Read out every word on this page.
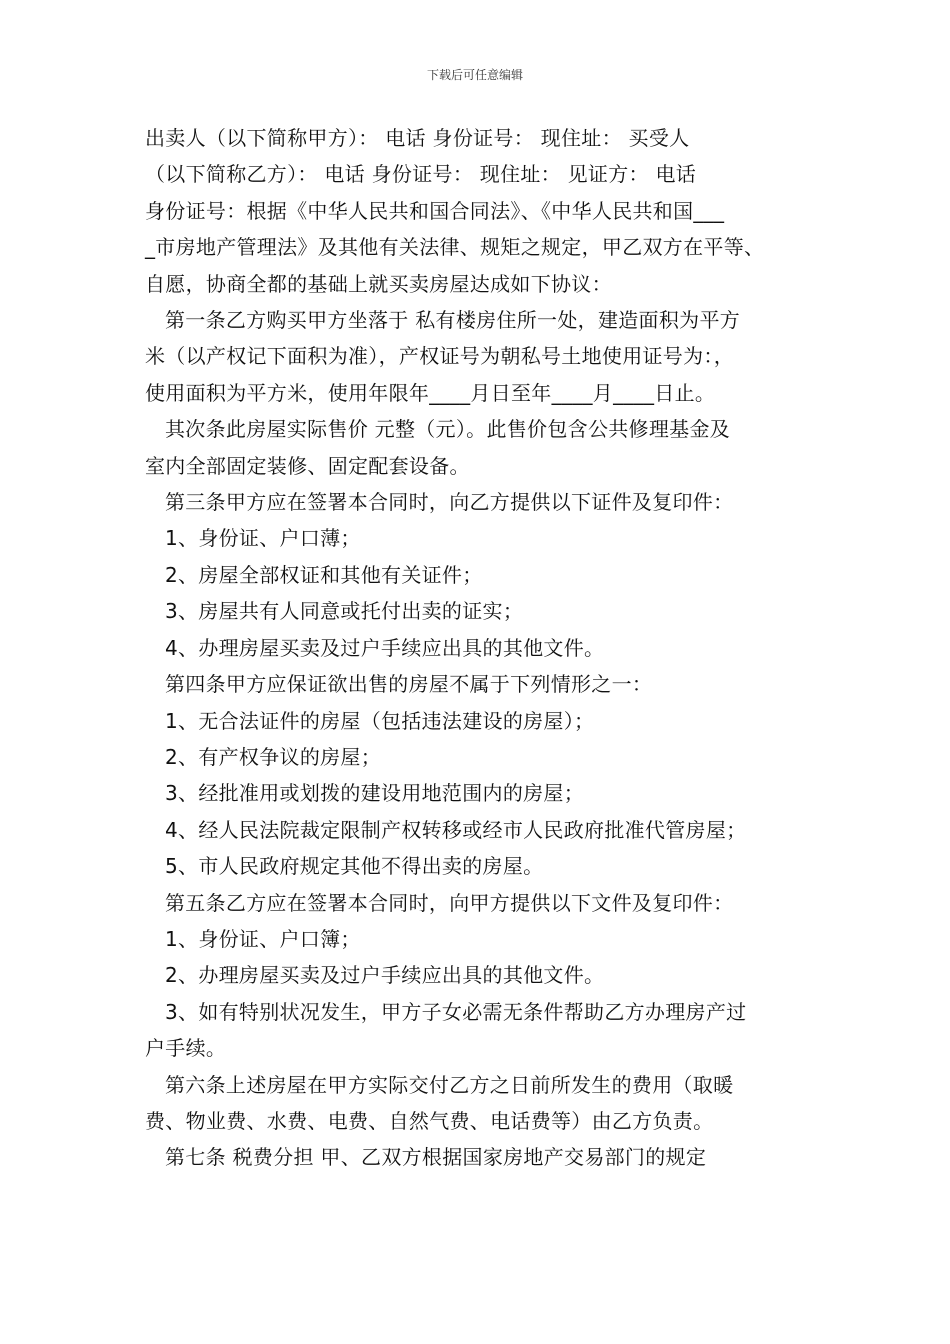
下载后可任意编辑

出卖人（以下简称甲方）： 电话 身份证号： 现住址： 买受人

（以下简称乙方）： 电话 身份证号： 现住址： 见证方： 电话

身份证号：根据《中华人民共和国合同法》、《中华人民共和国___

_市房地产管理法》及其他有关法律、规矩之规定，甲乙双方在平等、

自愿，协商全都的基础上就买卖房屋达成如下协议：

第一条乙方购买甲方坐落于 私有楼房住所一处，建造面积为平方

米（以产权记下面积为准），产权证号为朝私号土地使用证号为：，

使用面积为平方米，使用年限年____月日至年____月____日止。

其次条此房屋实际售价 元整（元）。此售价包含公共修理基金及

室内全部固定装修、固定配套设备。

第三条甲方应在签署本合同时，向乙方提供以下证件及复印件：

1、身份证、户口薄；

2、房屋全部权证和其他有关证件；

3、房屋共有人同意或托付出卖的证实；

4、办理房屋买卖及过户手续应出具的其他文件。

第四条甲方应保证欲出售的房屋不属于下列情形之一：

1、无合法证件的房屋（包括违法建设的房屋）；

2、有产权争议的房屋；

3、经批准用或划拨的建设用地范围内的房屋；

4、经人民法院裁定限制产权转移或经市人民政府批准代管房屋；

5、市人民政府规定其他不得出卖的房屋。

第五条乙方应在签署本合同时，向甲方提供以下文件及复印件：

1、身份证、户口簿；

2、办理房屋买卖及过户手续应出具的其他文件。

3、如有特别状况发生，甲方子女必需无条件帮助乙方办理房产过

户手续。

第六条上述房屋在甲方实际交付乙方之日前所发生的费用（取暖

费、物业费、水费、电费、自然气费、电话费等）由乙方负责。

第七条 税费分担 甲、乙双方根据国家房地产交易部门的规定
